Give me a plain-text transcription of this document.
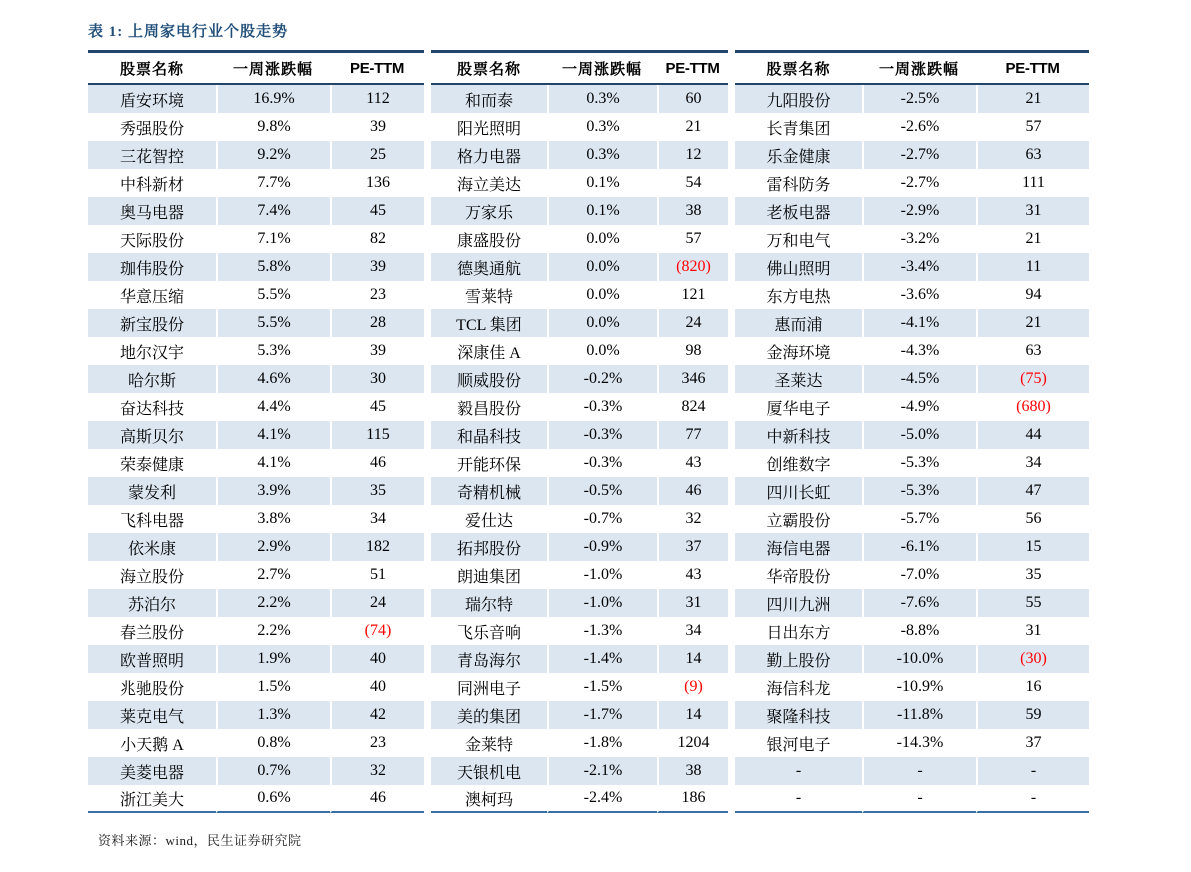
表 1: 上周家电行业个股走势
股票名称	一周涨跌幅	PE-TTM
盾安环境	16.9%	112
秀强股份	9.8%	39
三花智控	9.2%	25
中科新材	7.7%	136
奥马电器	7.4%	45
天际股份	7.1%	82
珈伟股份	5.8%	39
华意压缩	5.5%	23
新宝股份	5.5%	28
地尔汉宇	5.3%	39
哈尔斯	4.6%	30
奋达科技	4.4%	45
高斯贝尔	4.1%	115
荣泰健康	4.1%	46
蒙发利	3.9%	35
飞科电器	3.8%	34
依米康	2.9%	182
海立股份	2.7%	51
苏泊尔	2.2%	24
春兰股份	2.2%	(74)
欧普照明	1.9%	40
兆驰股份	1.5%	40
莱克电气	1.3%	42
小天鹅 A	0.8%	23
美菱电器	0.7%	32
浙江美大	0.6%	46
股票名称	一周涨跌幅	PE-TTM
和而泰	0.3%	60
阳光照明	0.3%	21
格力电器	0.3%	12
海立美达	0.1%	54
万家乐	0.1%	38
康盛股份	0.0%	57
德奥通航	0.0%	(820)
雪莱特	0.0%	121
TCL 集团	0.0%	24
深康佳 A	0.0%	98
顺威股份	-0.2%	346
毅昌股份	-0.3%	824
和晶科技	-0.3%	77
开能环保	-0.3%	43
奇精机械	-0.5%	46
爱仕达	-0.7%	32
拓邦股份	-0.9%	37
朗迪集团	-1.0%	43
瑞尔特	-1.0%	31
飞乐音响	-1.3%	34
青岛海尔	-1.4%	14
同洲电子	-1.5%	(9)
美的集团	-1.7%	14
金莱特	-1.8%	1204
天银机电	-2.1%	38
澳柯玛	-2.4%	186
股票名称	一周涨跌幅	PE-TTM
九阳股份	-2.5%	21
长青集团	-2.6%	57
乐金健康	-2.7%	63
雷科防务	-2.7%	111
老板电器	-2.9%	31
万和电气	-3.2%	21
佛山照明	-3.4%	11
东方电热	-3.6%	94
惠而浦	-4.1%	21
金海环境	-4.3%	63
圣莱达	-4.5%	(75)
厦华电子	-4.9%	(680)
中新科技	-5.0%	44
创维数字	-5.3%	34
四川长虹	-5.3%	47
立霸股份	-5.7%	56
海信电器	-6.1%	15
华帝股份	-7.0%	35
四川九洲	-7.6%	55
日出东方	-8.8%	31
勤上股份	-10.0%	(30)
海信科龙	-10.9%	16
聚隆科技	-11.8%	59
银河电子	-14.3%	37
-	-	-
-	-	-
资料来源：wind，民生证券研究院
